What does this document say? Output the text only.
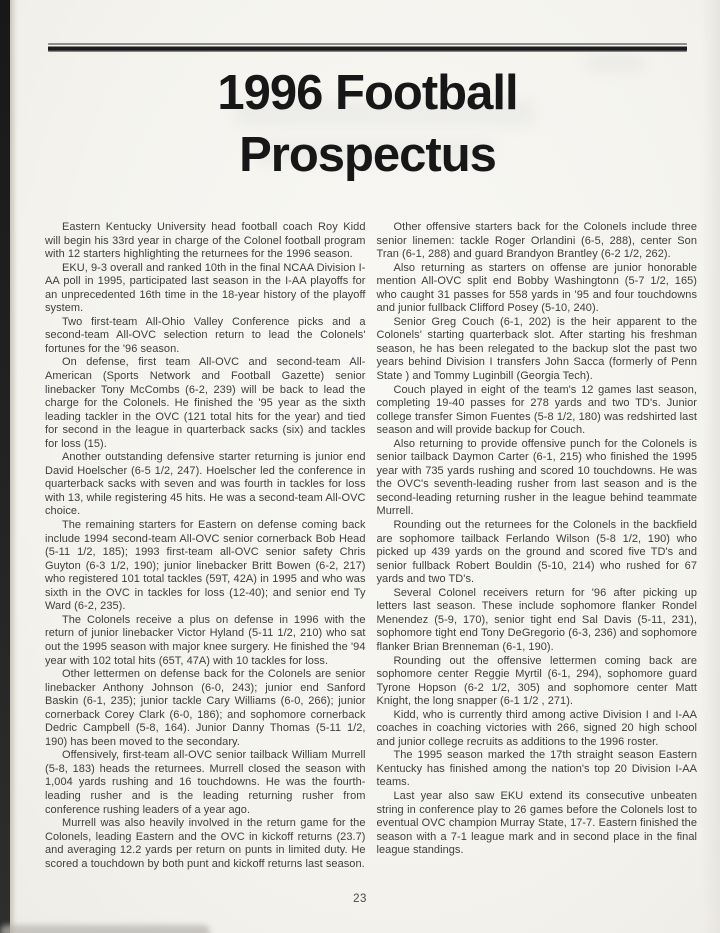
1996 Football
Prospectus

Eastern Kentucky University head football coach Roy Kidd will begin his 33rd year in charge of the Colonel football program with 12 starters highlighting the returnees for the 1996 season.

EKU, 9-3 overall and ranked 10th in the final NCAA Division I-AA poll in 1995, participated last season in the I-AA playoffs for an unprecedented 16th time in the 18-year history of the playoff system.

Two first-team All-Ohio Valley Conference picks and a second-team All-OVC selection return to lead the Colonels' fortunes for the '96 season.

On defense, first team All-OVC and second-team All-American (Sports Network and Football Gazette) senior linebacker Tony McCombs (6-2, 239) will be back to lead the charge for the Colonels. He finished the '95 year as the sixth leading tackler in the OVC (121 total hits for the year) and tied for second in the league in quarterback sacks (six) and tackles for loss (15).

Another outstanding defensive starter returning is junior end David Hoelscher (6-5 1/2, 247). Hoelscher led the conference in quarterback sacks with seven and was fourth in tackles for loss with 13, while registering 45 hits. He was a second-team All-OVC choice.

The remaining starters for Eastern on defense coming back include 1994 second-team All-OVC senior cornerback Bob Head (5-11 1/2, 185); 1993 first-team all-OVC senior safety Chris Guyton (6-3 1/2, 190); junior linebacker Britt Bowen (6-2, 217) who registered 101 total tackles (59T, 42A) in 1995 and who was sixth in the OVC in tackles for loss (12-40); and senior end Ty Ward (6-2, 235).

The Colonels receive a plus on defense in 1996 with the return of junior linebacker Victor Hyland (5-11 1/2, 210) who sat out the 1995 season with major knee surgery. He finished the '94 year with 102 total hits (65T, 47A) with 10 tackles for loss.

Other lettermen on defense back for the Colonels are senior linebacker Anthony Johnson (6-0, 243); junior end Sanford Baskin (6-1, 235); junior tackle Cary Williams (6-0, 266); junior cornerback Corey Clark (6-0, 186); and sophomore cornerback Dedric Campbell (5-8, 164). Junior Danny Thomas (5-11 1/2, 190) has been moved to the secondary.

Offensively, first-team all-OVC senior tailback William Murrell (5-8, 183) heads the returnees. Murrell closed the season with 1,004 yards rushing and 16 touchdowns. He was the fourth-leading rusher and is the leading returning rusher from conference rushing leaders of a year ago.

Murrell was also heavily involved in the return game for the Colonels, leading Eastern and the OVC in kickoff returns (23.7) and averaging 12.2 yards per return on punts in limited duty. He scored a touchdown by both punt and kickoff returns last season.

Other offensive starters back for the Colonels include three senior linemen: tackle Roger Orlandini (6-5, 288), center Son Tran (6-1, 288) and guard Brandyon Brantley (6-2 1/2, 262).

Also returning as starters on offense are junior honorable mention All-OVC split end Bobby Washingtonn (5-7 1/2, 165) who caught 31 passes for 558 yards in '95 and four touchdowns and junior fullback Clifford Posey (5-10, 240).

Senior Greg Couch (6-1, 202) is the heir apparent to the Colonels' starting quarterback slot. After starting his freshman season, he has been relegated to the backup slot the past two years behind Division I transfers John Sacca (formerly of Penn State ) and Tommy Luginbill (Georgia Tech).

Couch played in eight of the team's 12 games last season, completing 19-40 passes for 278 yards and two TD's. Junior college transfer Simon Fuentes (5-8 1/2, 180) was redshirted last season and will provide backup for Couch.

Also returning to provide offensive punch for the Colonels is senior tailback Daymon Carter (6-1, 215) who finished the 1995 year with 735 yards rushing and scored 10 touchdowns. He was the OVC's seventh-leading rusher from last season and is the second-leading returning rusher in the league behind teammate Murrell.

Rounding out the returnees for the Colonels in the backfield are sophomore tailback Ferlando Wilson (5-8 1/2, 190) who picked up 439 yards on the ground and scored five TD's and senior fullback Robert Bouldin (5-10, 214) who rushed for 67 yards and two TD's.

Several Colonel receivers return for '96 after picking up letters last season. These include sophomore flanker Rondel Menendez (5-9, 170), senior tight end Sal Davis (5-11, 231), sophomore tight end Tony DeGregorio (6-3, 236) and sophomore flanker Brian Brenneman (6-1, 190).

Rounding out the offensive lettermen coming back are sophomore center Reggie Myrtil (6-1, 294), sophomore guard Tyrone Hopson (6-2 1/2, 305) and sophomore center Matt Knight, the long snapper (6-1 1/2 , 271).

Kidd, who is currently third among active Division I and I-AA coaches in coaching victories with 266, signed 20 high school and junior college recruits as additions to the 1996 roster.

The 1995 season marked the 17th straight season Eastern Kentucky has finished among the nation's top 20 Division I-AA teams.

Last year also saw EKU extend its consecutive unbeaten string in conference play to 26 games before the Colonels lost to eventual OVC champion Murray State, 17-7. Eastern finished the season with a 7-1 league mark and in second place in the final league standings.

23
